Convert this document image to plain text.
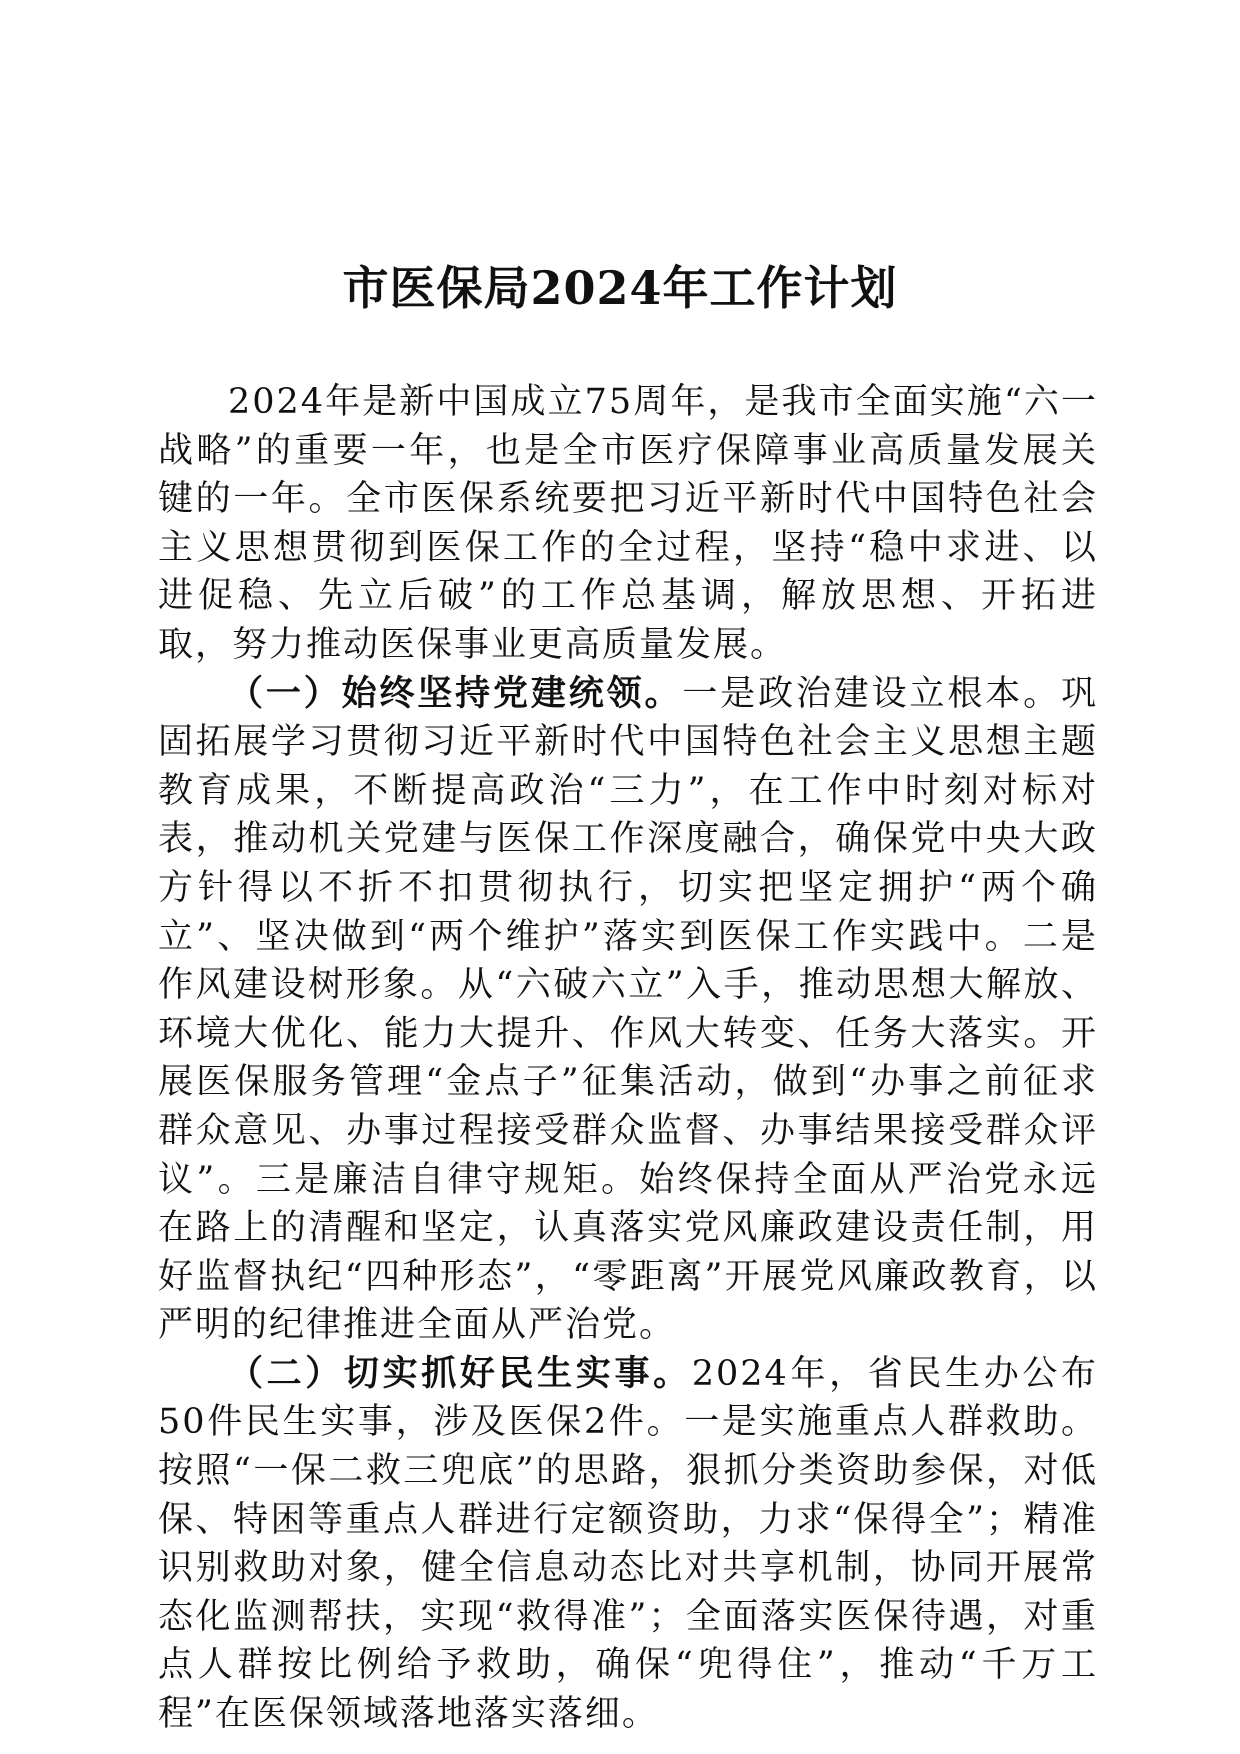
市医保局2024年工作计划

2024年是新中国成立75周年，是我市全面实施“六一战略”的重要一年，也是全市医疗保障事业高质量发展关键的一年。全市医保系统要把习近平新时代中国特色社会主义思想贯彻到医保工作的全过程，坚持“稳中求进、以进促稳、先立后破”的工作总基调，解放思想、开拓进取，努力推动医保事业更高质量发展。

（一）始终坚持党建统领。一是政治建设立根本。巩固拓展学习贯彻习近平新时代中国特色社会主义思想主题教育成果，不断提高政治“三力”，在工作中时刻对标对表，推动机关党建与医保工作深度融合，确保党中央大政方针得以不折不扣贯彻执行，切实把坚定拥护“两个确立”、坚决做到“两个维护”落实到医保工作实践中。二是作风建设树形象。从“六破六立”入手，推动思想大解放、环境大优化、能力大提升、作风大转变、任务大落实。开展医保服务管理“金点子”征集活动，做到“办事之前征求群众意见、办事过程接受群众监督、办事结果接受群众评议”。三是廉洁自律守规矩。始终保持全面从严治党永远在路上的清醒和坚定，认真落实党风廉政建设责任制，用好监督执纪“四种形态”，“零距离”开展党风廉政教育，以严明的纪律推进全面从严治党。

（二）切实抓好民生实事。2024年，省民生办公布50件民生实事，涉及医保2件。一是实施重点人群救助。按照“一保二救三兜底”的思路，狠抓分类资助参保，对低保、特困等重点人群进行定额资助，力求“保得全”；精准识别救助对象，健全信息动态比对共享机制，协同开展常态化监测帮扶，实现“救得准”；全面落实医保待遇，对重点人群按比例给予救助，确保“兜得住”，推动“千万工程”在医保领域落地落实落细。
